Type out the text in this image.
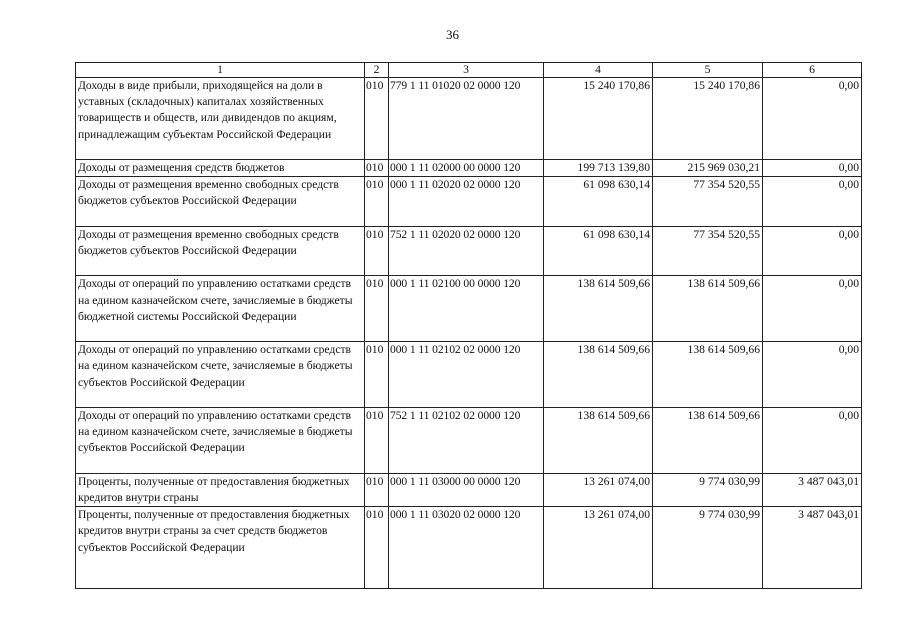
36
1	2	3	4	5	6
Доходы в виде прибыли, приходящейся на доли в уставных (складочных) капиталах хозяйственных товариществ и обществ, или дивидендов по акциям, принадлежащим субъектам Российской Федерации	010	779 1 11 01020 02 0000 120	15 240 170,86	15 240 170,86	0,00
Доходы от размещения средств бюджетов	010	000 1 11 02000 00 0000 120	199 713 139,80	215 969 030,21	0,00
Доходы от размещения временно свободных средств бюджетов субъектов Российской Федерации	010	000 1 11 02020 02 0000 120	61 098 630,14	77 354 520,55	0,00
Доходы от размещения временно свободных средств бюджетов субъектов Российской Федерации	010	752 1 11 02020 02 0000 120	61 098 630,14	77 354 520,55	0,00
Доходы от операций по управлению остатками средств на едином казначейском счете, зачисляемые в бюджеты бюджетной системы Российской Федерации	010	000 1 11 02100 00 0000 120	138 614 509,66	138 614 509,66	0,00
Доходы от операций по управлению остатками средств на едином казначейском счете, зачисляемые в бюджеты субъектов Российской Федерации	010	000 1 11 02102 02 0000 120	138 614 509,66	138 614 509,66	0,00
Доходы от операций по управлению остатками средств на едином казначейском счете, зачисляемые в бюджеты субъектов Российской Федерации	010	752 1 11 02102 02 0000 120	138 614 509,66	138 614 509,66	0,00
Проценты, полученные от предоставления бюджетных кредитов внутри страны	010	000 1 11 03000 00 0000 120	13 261 074,00	9 774 030,99	3 487 043,01
Проценты, полученные от предоставления бюджетных кредитов внутри страны за счет средств бюджетов субъектов Российской Федерации	010	000 1 11 03020 02 0000 120	13 261 074,00	9 774 030,99	3 487 043,01
